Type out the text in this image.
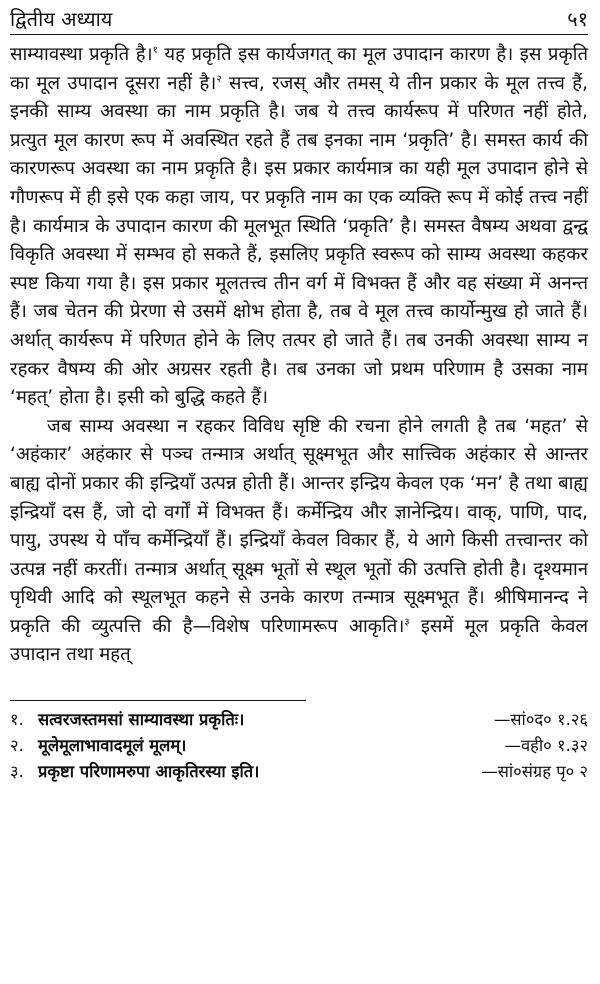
द्वितीय अध्याय	५१

साम्यावस्था प्रकृति है।$^१$ यह प्रकृति इस कार्यजगत् का मूल उपादान कारण है। इस प्रकृति का मूल उपादान दूसरा नहीं है।$^२$ सत्त्व, रजस् और तमस् ये तीन प्रकार के मूल तत्त्व हैं, इनकी साम्य अवस्था का नाम प्रकृति है। जब ये तत्त्व कार्यरूप में परिणत नहीं होते, प्रत्युत मूल कारण रूप में अवस्थित रहते हैं तब इनका नाम ‘प्रकृति’ है। समस्त कार्य की कारणरूप अवस्था का नाम प्रकृति है। इस प्रकार कार्यमात्र का यही मूल उपादान होने से गौणरूप में ही इसे एक कहा जाय, पर प्रकृति नाम का एक व्यक्ति रूप में कोई तत्त्व नहीं है। कार्यमात्र के उपादान कारण की मूलभूत स्थिति ‘प्रकृति’ है। समस्त वैषम्य अथवा द्वन्द्व विकृति अवस्था में सम्भव हो सकते हैं, इसलिए प्रकृति स्वरूप को साम्य अवस्था कहकर स्पष्ट किया गया है। इस प्रकार मूलतत्त्व तीन वर्ग में विभक्त हैं और वह संख्या में अनन्त हैं। जब चेतन की प्रेरणा से उसमें क्षोभ होता है, तब वे मूल तत्त्व कार्योन्मुख हो जाते हैं। अर्थात् कार्यरूप में परिणत होने के लिए तत्पर हो जाते हैं। तब उनकी अवस्था साम्य न रहकर वैषम्य की ओर अग्रसर रहती है। तब उनका जो प्रथम परिणाम है उसका नाम ‘महत्’ होता है। इसी को बुद्धि कहते हैं।

जब साम्य अवस्था न रहकर विविध सृष्टि की रचना होने लगती है तब ‘महत’ से ‘अहंकार’ अहंकार से पञ्च तन्मात्र अर्थात् सूक्ष्मभूत और सात्त्विक अहंकार से आन्तर बाह्य दोनों प्रकार की इन्द्रियाँ उत्पन्न होती हैं। आन्तर इन्द्रिय केवल एक ‘मन’ है तथा बाह्य इन्द्रियाँ दस हैं, जो दो वर्गों में विभक्त हैं। कर्मेन्द्रिय और ज्ञानेन्द्रिय। वाक्, पाणि, पाद, पायु, उपस्थ ये पाँच कर्मेन्द्रियाँ हैं। इन्द्रियाँ केवल विकार हैं, ये आगे किसी तत्त्वान्तर को उत्पन्न नहीं करतीं। तन्मात्र अर्थात् सूक्ष्म भूतों से स्थूल भूतों की उत्पत्ति होती है। दृश्यमान पृथिवी आदि को स्थूलभूत कहने से उनके कारण तन्मात्र सूक्ष्मभूत हैं। श्रीषिमानन्द ने प्रकृति की व्युत्पत्ति की है—विशेष परिणामरूप आकृति।$^३$ इसमें मूल प्रकृति केवल उपादान तथा महत्

१. सत्वरजस्तमसां साम्यावस्था प्रकृतिः।	—सां०द० १.२६
२. मूलेमूलाभावादमूलं मूलम्।	—वही० १.३२
३. प्रकृष्टा परिणामरुपा आकृतिरस्या इति।	—सां०संग्रह पृ० २
